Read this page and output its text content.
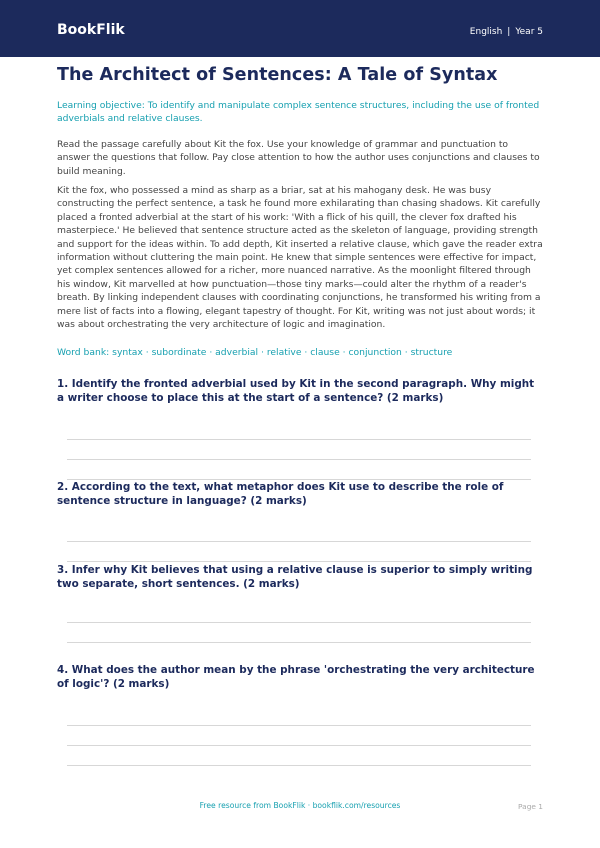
BookFlik	English | Year 5
The Architect of Sentences: A Tale of Syntax

Learning objective: To identify and manipulate complex sentence structures, including the use of fronted adverbials and relative clauses.

Read the passage carefully about Kit the fox. Use your knowledge of grammar and punctuation to answer the questions that follow. Pay close attention to how the author uses conjunctions and clauses to build meaning.

Kit the fox, who possessed a mind as sharp as a briar, sat at his mahogany desk. He was busy constructing the perfect sentence, a task he found more exhilarating than chasing shadows. Kit carefully placed a fronted adverbial at the start of his work: 'With a flick of his quill, the clever fox drafted his masterpiece.' He believed that sentence structure acted as the skeleton of language, providing strength and support for the ideas within. To add depth, Kit inserted a relative clause, which gave the reader extra information without cluttering the main point. He knew that simple sentences were effective for impact, yet complex sentences allowed for a richer, more nuanced narrative. As the moonlight filtered through his window, Kit marvelled at how punctuation—those tiny marks—could alter the rhythm of a reader's breath. By linking independent clauses with coordinating conjunctions, he transformed his writing from a mere list of facts into a flowing, elegant tapestry of thought. For Kit, writing was not just about words; it was about orchestrating the very architecture of logic and imagination.

Word bank: syntax · subordinate · adverbial · relative · clause · conjunction · structure

1. Identify the fronted adverbial used by Kit in the second paragraph. Why might a writer choose to place this at the start of a sentence? (2 marks)

2. According to the text, what metaphor does Kit use to describe the role of sentence structure in language? (2 marks)

3. Infer why Kit believes that using a relative clause is superior to simply writing two separate, short sentences. (2 marks)

4. What does the author mean by the phrase 'orchestrating the very architecture of logic'? (2 marks)

Free resource from BookFlik · bookflik.com/resources	Page 1
